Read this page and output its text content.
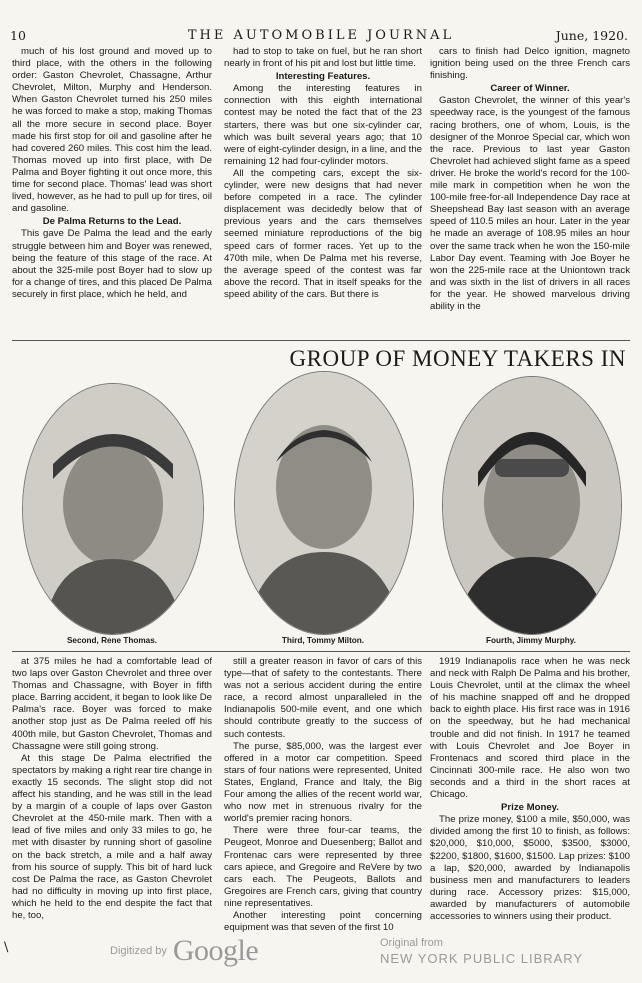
10	THE AUTOMOBILE JOURNAL	June, 1920.

much of his lost ground and moved up to third place, with the others in the following order: Gaston Chevrolet, Chassagne, Arthur Chevrolet, Milton, Murphy and Henderson. When Gaston Chevrolet turned his 250 miles he was forced to make a stop, making Thomas all the more secure in second place. Boyer made his first stop for oil and gasoline after he had covered 260 miles. This cost him the lead. Thomas moved up into first place, with De Palma and Boyer fighting it out once more, this time for second place. Thomas' lead was short lived, however, as he had to pull up for tires, oil and gasoline.

De Palma Returns to the Lead.

This gave De Palma the lead and the early struggle between him and Boyer was renewed, being the feature of this stage of the race. At about the 325-mile post Boyer had to slow up for a change of tires, and this placed De Palma securely in first place, which he held, and

had to stop to take on fuel, but he ran short nearly in front of his pit and lost but little time.

Interesting Features.

Among the interesting features in connection with this eighth international contest may be noted the fact that of the 23 starters, there was but one six-cylinder car, which was built several years ago; that 10 were of eight-cylinder design, in a line, and the remaining 12 had four-cylinder motors.

All the competing cars, except the six-cylinder, were new designs that had never before competed in a race. The cylinder displacement was decidedly below that of previous years and the cars themselves seemed miniature reproductions of the big speed cars of former races. Yet up to the 470th mile, when De Palma met his reverse, the average speed of the contest was far above the record. That in itself speaks for the speed ability of the cars. But there is

cars to finish had Delco ignition, magneto ignition being used on the three French cars finishing.

Career of Winner.

Gaston Chevrolet, the winner of this year's speedway race, is the youngest of the famous racing brothers, one of whom, Louis, is the designer of the Monroe Special car, which won the race. Previous to last year Gaston Chevrolet had achieved slight fame as a speed driver. He broke the world's record for the 100-mile mark in competition when he won the 100-mile free-for-all Independence Day race at Sheepshead Bay last season with an average speed of 110.5 miles an hour. Later in the year he made an average of 108.95 miles an hour over the same track when he won the 150-mile Labor Day event. Teaming with Joe Boyer he won the 225-mile race at the Uniontown track and was sixth in the list of drivers in all races for the year. He showed marvelous driving ability in the

GROUP OF MONEY TAKERS IN
Second, Rene Thomas.	Third, Tommy Milton.	Fourth, Jimmy Murphy.

at 375 miles he had a comfortable lead of two laps over Gaston Chevrolet and three over Thomas and Chassagne, with Boyer in fifth place. Barring accident, it began to look like De Palma's race. Boyer was forced to make another stop just as De Palma reeled off his 400th mile, but Gaston Chevrolet, Thomas and Chassagne were still going strong.

At this stage De Palma electrified the spectators by making a right rear tire change in exactly 15 seconds. The slight stop did not affect his standing, and he was still in the lead by a margin of a couple of laps over Gaston Chevrolet at the 450-mile mark. Then with a lead of five miles and only 33 miles to go, he met with disaster by running short of gasoline on the back stretch, a mile and a half away from his source of supply. This bit of hard luck cost De Palma the race, as Gaston Chevrolet had no difficulty in moving up into first place, which he held to the end despite the fact that he, too,

still a greater reason in favor of cars of this type—that of safety to the contestants. There was not a serious accident during the entire race, a record almost unparalleled in the Indianapolis 500-mile event, and one which should contribute greatly to the success of such contests.

The purse, $85,000, was the largest ever offered in a motor car competition. Speed stars of four nations were represented, United States, England, France and Italy, the Big Four among the allies of the recent world war, who now met in strenuous rivalry for the world's premier racing honors.

There were three four-car teams, the Peugeot, Monroe and Duesenberg; Ballot and Frontenac cars were represented by three cars apiece, and Gregoire and ReVere by two cars each. The Peugeots, Ballots and Gregoires are French cars, giving that country nine representatives.

Another interesting point concerning equipment was that seven of the first 10

1919 Indianapolis race when he was neck and neck with Ralph De Palma and his brother, Louis Chevrolet, until at the climax the wheel of his machine snapped off and he dropped back to eighth place. His first race was in 1916 on the speedway, but he had mechanical trouble and did not finish. In 1917 he teamed with Louis Chevrolet and Joe Boyer in Frontenacs and scored third place in the Cincinnati 300-mile race. He also won two seconds and a third in the short races at Chicago.

Prize Money.

The prize money, $100 a mile, $50,000, was divided among the first 10 to finish, as follows: $20,000, $10,000, $5000, $3500, $3000, $2200, $1800, $1600, $1500. Lap prizes: $100 a lap, $20,000, awarded by Indianapolis business men and manufacturers to leaders during race. Accessory prizes: $15,000, awarded by manufacturers of automobile accessories to winners using their product.

\	Digitized by Google	Original from
NEW YORK PUBLIC LIBRARY
